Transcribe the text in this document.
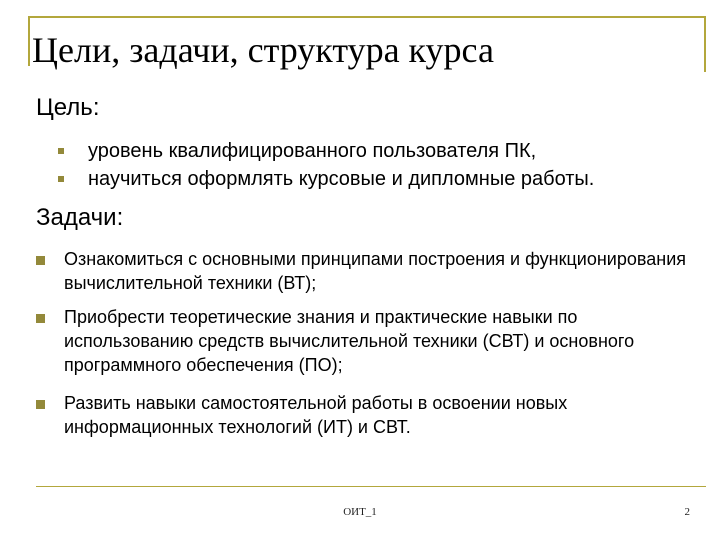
Цели, задачи, структура курса
Цель:
уровень квалифицированного пользователя ПК,
научиться оформлять курсовые и дипломные работы.
Задачи:
Ознакомиться с основными принципами построения и функционирования вычислительной техники (ВТ);
Приобрести теоретические знания и практические навыки по использованию средств вычислительной техники (СВТ) и основного программного обеспечения (ПО);
Развить навыки самостоятельной работы в освоении новых информационных технологий (ИТ) и СВТ.
ОИТ_1	2
